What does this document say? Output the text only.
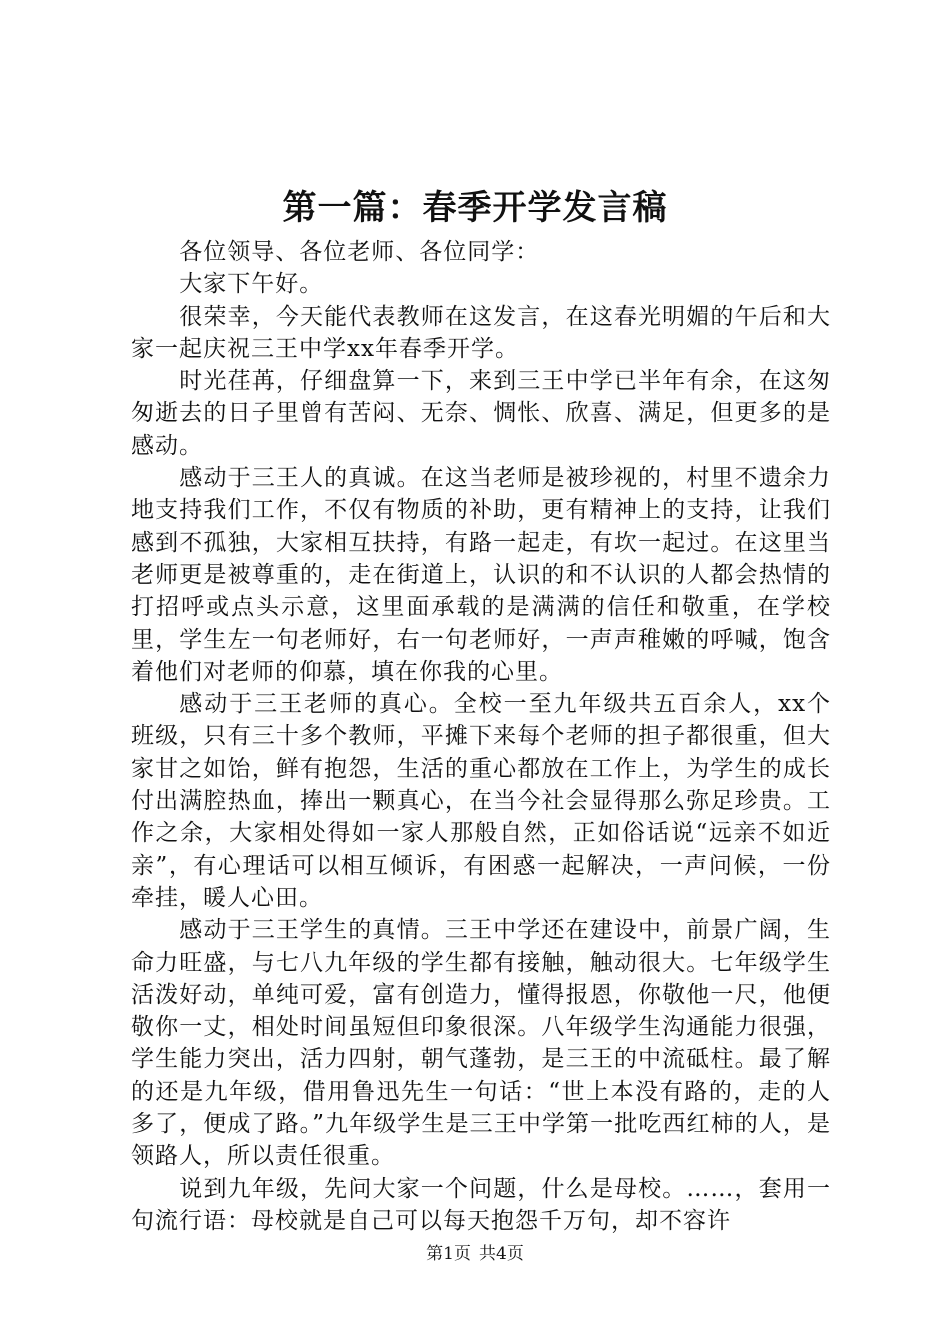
第一篇：春季开学发言稿

各位领导、各位老师、各位同学：

大家下午好。

很荣幸，今天能代表教师在这发言，在这春光明媚的午后和大家一起庆祝三王中学xx年春季开学。

时光荏苒，仔细盘算一下，来到三王中学已半年有余，在这匆匆逝去的日子里曾有苦闷、无奈、惆怅、欣喜、满足，但更多的是感动。

感动于三王人的真诚。在这当老师是被珍视的，村里不遗余力地支持我们工作，不仅有物质的补助，更有精神上的支持，让我们感到不孤独，大家相互扶持，有路一起走，有坎一起过。在这里当老师更是被尊重的，走在街道上，认识的和不认识的人都会热情的打招呼或点头示意，这里面承载的是满满的信任和敬重，在学校里，学生左一句老师好，右一句老师好，一声声稚嫩的呼喊，饱含着他们对老师的仰慕，填在你我的心里。

感动于三王老师的真心。全校一至九年级共五百余人，xx个班级，只有三十多个教师，平摊下来每个老师的担子都很重，但大家甘之如饴，鲜有抱怨，生活的重心都放在工作上，为学生的成长付出满腔热血，捧出一颗真心，在当今社会显得那么弥足珍贵。工作之余，大家相处得如一家人那般自然，正如俗话说“远亲不如近亲”，有心理话可以相互倾诉，有困惑一起解决，一声问候，一份牵挂，暖人心田。

感动于三王学生的真情。三王中学还在建设中，前景广阔，生命力旺盛，与七八九年级的学生都有接触，触动很大。七年级学生活泼好动，单纯可爱，富有创造力，懂得报恩，你敬他一尺，他便敬你一丈，相处时间虽短但印象很深。八年级学生沟通能力很强，学生能力突出，活力四射，朝气蓬勃，是三王的中流砥柱。最了解的还是九年级，借用鲁迅先生一句话：“世上本没有路的，走的人多了，便成了路。”九年级学生是三王中学第一批吃西红柿的人，是领路人，所以责任很重。

说到九年级，先问大家一个问题，什么是母校。……，套用一句流行语：母校就是自己可以每天抱怨千万句，却不容许

第1页 共4页
